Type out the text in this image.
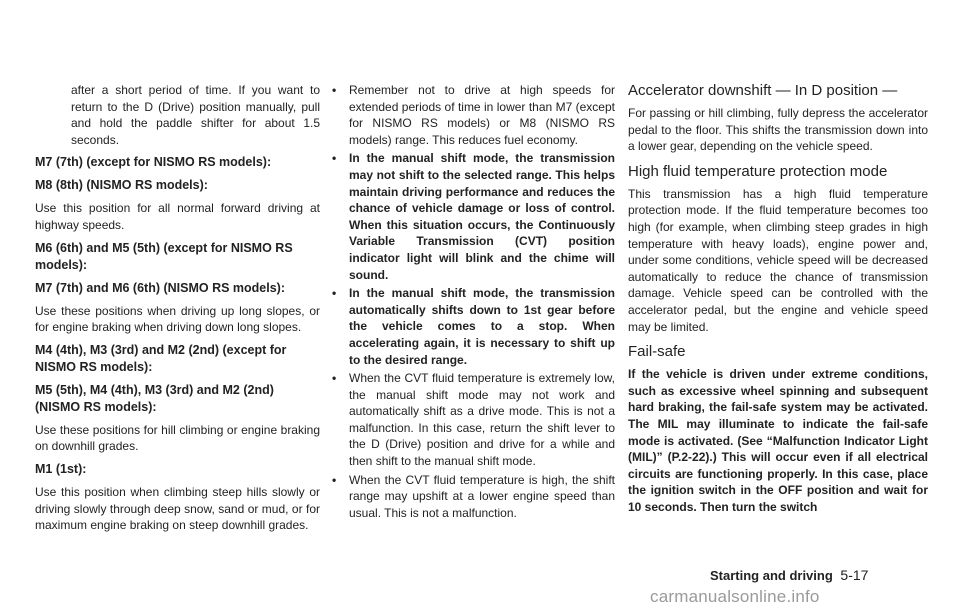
after a short period of time. If you want to return to the D (Drive) position manually, pull and hold the paddle shifter for about 1.5 seconds.

M7 (7th) (except for NISMO RS models):
M8 (8th) (NISMO RS models):

Use this position for all normal forward driving at highway speeds.

M6 (6th) and M5 (5th) (except for NISMO RS models):
M7 (7th) and M6 (6th) (NISMO RS models):

Use these positions when driving up long slopes, or for engine braking when driving down long slopes.

M4 (4th), M3 (3rd) and M2 (2nd) (except for NISMO RS models):
M5 (5th), M4 (4th), M3 (3rd) and M2 (2nd) (NISMO RS models):

Use these positions for hill climbing or engine braking on downhill grades.

M1 (1st):

Use this position when climbing steep hills slowly or driving slowly through deep snow, sand or mud, or for maximum engine braking on steep downhill grades.

• Remember not to drive at high speeds for extended periods of time in lower than M7 (except for NISMO RS models) or M8 (NISMO RS models) range. This reduces fuel economy.
• In the manual shift mode, the transmission may not shift to the selected range. This helps maintain driving performance and reduces the chance of vehicle damage or loss of control. When this situation occurs, the Continuously Variable Transmission (CVT) position indicator light will blink and the chime will sound.
• In the manual shift mode, the transmission automatically shifts down to 1st gear before the vehicle comes to a stop. When accelerating again, it is necessary to shift up to the desired range.
• When the CVT fluid temperature is extremely low, the manual shift mode may not work and automatically shift as a drive mode. This is not a malfunction. In this case, return the shift lever to the D (Drive) position and drive for a while and then shift to the manual shift mode.
• When the CVT fluid temperature is high, the shift range may upshift at a lower engine speed than usual. This is not a malfunction.
Accelerator downshift — In D position —

For passing or hill climbing, fully depress the accelerator pedal to the floor. This shifts the transmission down into a lower gear, depending on the vehicle speed.

High fluid temperature protection mode

This transmission has a high fluid temperature protection mode. If the fluid temperature becomes too high (for example, when climbing steep grades in high temperature with heavy loads), engine power and, under some conditions, vehicle speed will be decreased automatically to reduce the chance of transmission damage. Vehicle speed can be controlled with the accelerator pedal, but the engine and vehicle speed may be limited.

Fail-safe

If the vehicle is driven under extreme conditions, such as excessive wheel spinning and subsequent hard braking, the fail-safe system may be activated. The MIL may illuminate to indicate the fail-safe mode is activated. (See “Malfunction Indicator Light (MIL)” (P.2-22).) This will occur even if all electrical circuits are functioning properly. In this case, place the ignition switch in the OFF position and wait for 10 seconds. Then turn the switch

Starting and driving 5-17
carmanualsonline.info
